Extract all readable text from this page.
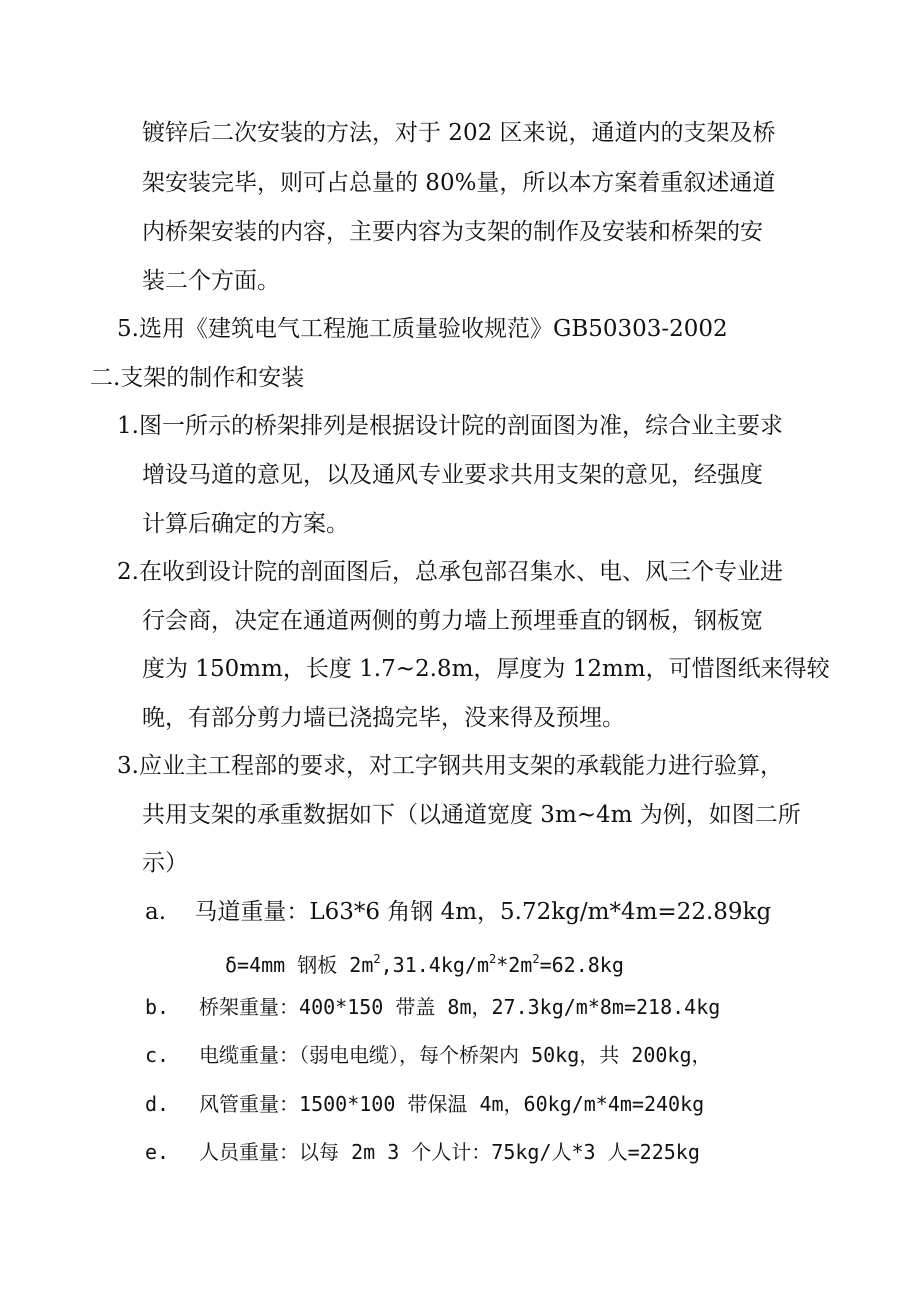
镀锌后二次安装的方法，对于 202 区来说，通道内的支架及桥
架安装完毕，则可占总量的 80%量，所以本方案着重叙述通道
内桥架安装的内容，主要内容为支架的制作及安装和桥架的安
装二个方面。
5.选用《建筑电气工程施工质量验收规范》GB50303-2002
二.支架的制作和安装
1.图一所示的桥架排列是根据设计院的剖面图为准，综合业主要求
增设马道的意见，以及通风专业要求共用支架的意见，经强度
计算后确定的方案。
2.在收到设计院的剖面图后，总承包部召集水、电、风三个专业进
行会商，决定在通道两侧的剪力墙上预埋垂直的钢板，钢板宽
度为 150mm，长度 1.7~2.8m，厚度为 12mm，可惜图纸来得较
晚，有部分剪力墙已浇捣完毕，没来得及预埋。
3.应业主工程部的要求，对工字钢共用支架的承载能力进行验算，
共用支架的承重数据如下（以通道宽度 3m~4m 为例，如图二所
示）
a. 马道重量：L63*6 角钢 4m，5.72kg/m*4m=22.89kg
δ=4mm 钢板 $2m^2,31.4kg/m^2*2m^2=62.8kg$
b. 桥架重量：400*150 带盖 8m，27.3kg/m*8m=218.4kg
c. 电缆重量：（弱电电缆），每个桥架内 50kg，共 200kg，
d. 风管重量：1500*100 带保温 4m，60kg/m*4m=240kg
e. 人员重量：以每 2m 3 个人计：75kg/人*3 人=225kg
